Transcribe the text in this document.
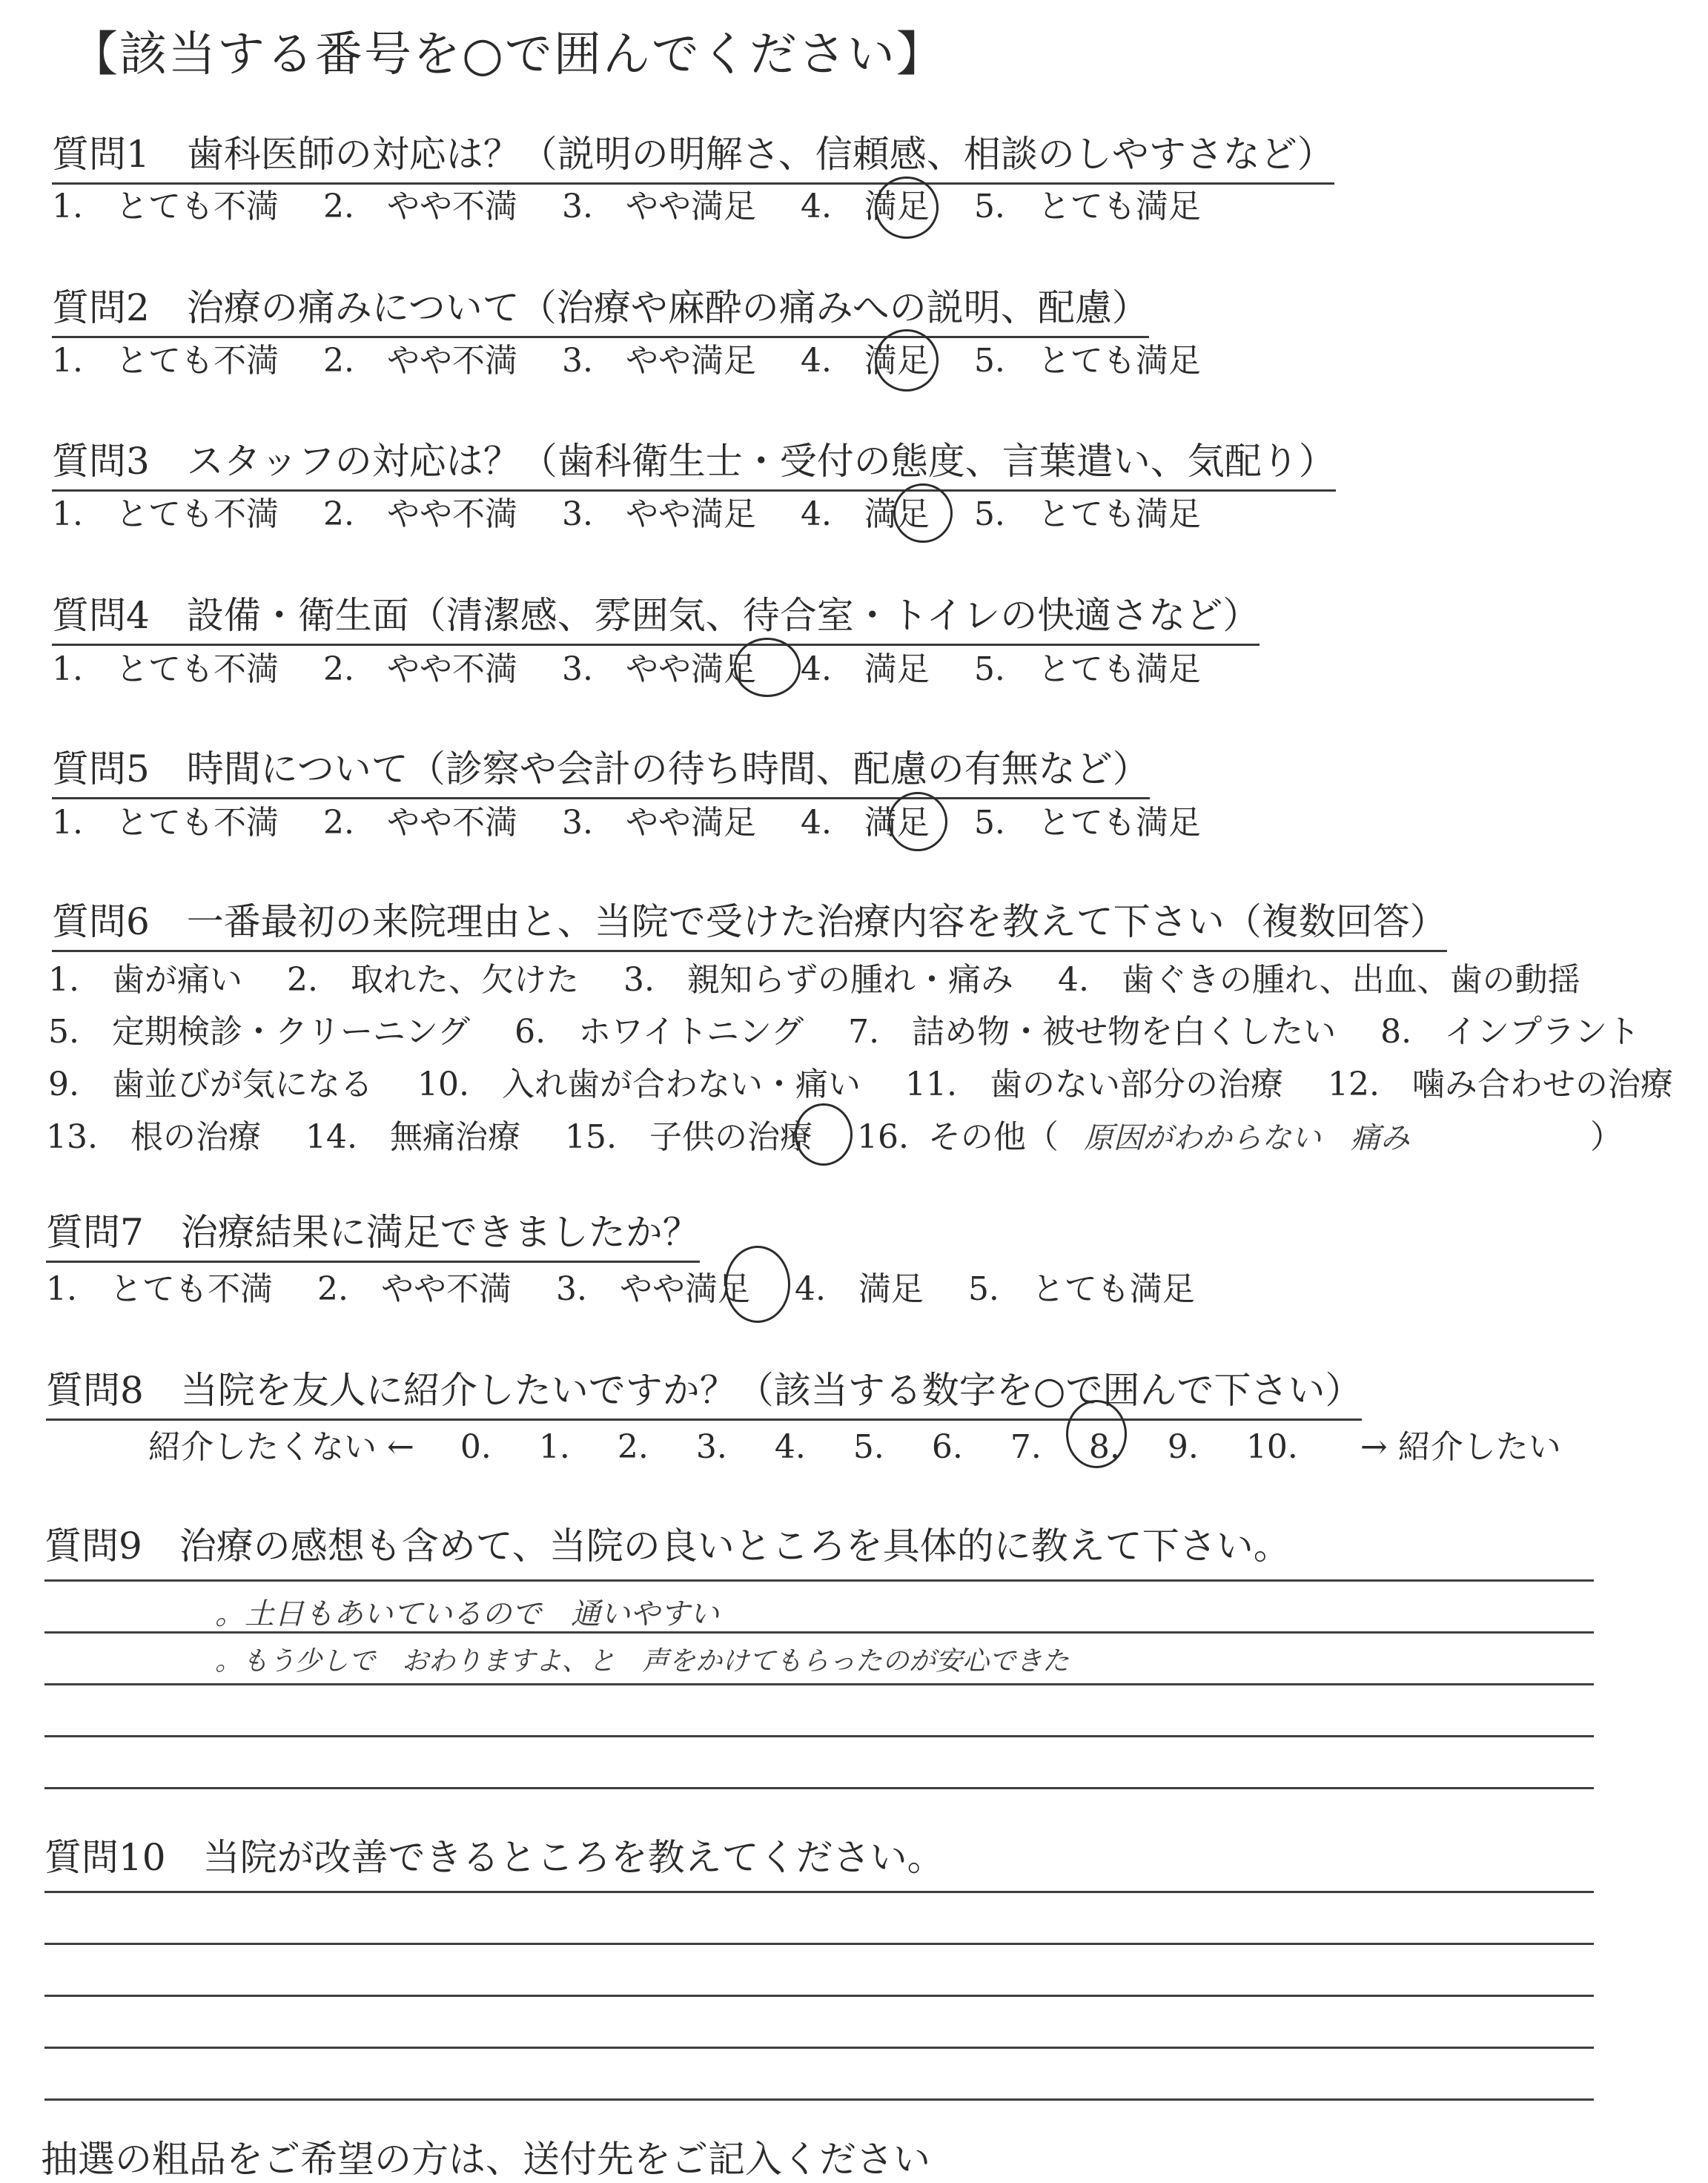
【該当する番号を○で囲んでください】
質問1　歯科医師の対応は？（説明の明解さ、信頼感、相談のしやすさなど）
1.　とても不満 2.　やや不満 3.　やや満足 4.　満足 5.　とても満足
質問2　治療の痛みについて（治療や麻酔の痛みへの説明、配慮）
1.　とても不満 2.　やや不満 3.　やや満足 4.　満足 5.　とても満足
質問3　スタッフの対応は？（歯科衛生士・受付の態度、言葉遣い、気配り）
1.　とても不満 2.　やや不満 3.　やや満足 4.　満足 5.　とても満足
質問4　設備・衛生面（清潔感、雰囲気、待合室・トイレの快適さなど）
1.　とても不満 2.　やや不満 3.　やや満足 4.　満足 5.　とても満足
質問5　時間について（診察や会計の待ち時間、配慮の有無など）
1.　とても不満 2.　やや不満 3.　やや満足 4.　満足 5.　とても満足
質問6　一番最初の来院理由と、当院で受けた治療内容を教えて下さい（複数回答）
1.　歯が痛い 2.　取れた、欠けた 3.　親知らずの腫れ・痛み 4.　歯ぐきの腫れ、出血、歯の動揺
5.　定期検診・クリーニング 6.　ホワイトニング 7.　詰め物・被せ物を白くしたい 8.　インプラント
9.　歯並びが気になる 10.　入れ歯が合わない・痛い 11.　歯のない部分の治療 12.　噛み合わせの治療
13.　根の治療 14.　無痛治療 15.　子供の治療 16. その他（ 原因がわからない　痛み	）
質問7　治療結果に満足できましたか？
1.　とても不満 2.　やや不満 3.　やや満足 4.　満足 5.　とても満足
質問8　当院を友人に紹介したいですか？（該当する数字を○で囲んで下さい）
紹介したくない ← 0. 1. 2. 3. 4. 5. 6. 7. 8. 9. 10. → 紹介したい
質問9　治療の感想も含めて、当院の良いところを具体的に教えて下さい。
。土日もあいているので　通いやすい
。もう少しで　おわりますよ、と　声をかけてもらったのが安心できた
質問10　当院が改善できるところを教えてください。
抽選の粗品をご希望の方は、送付先をご記入ください
